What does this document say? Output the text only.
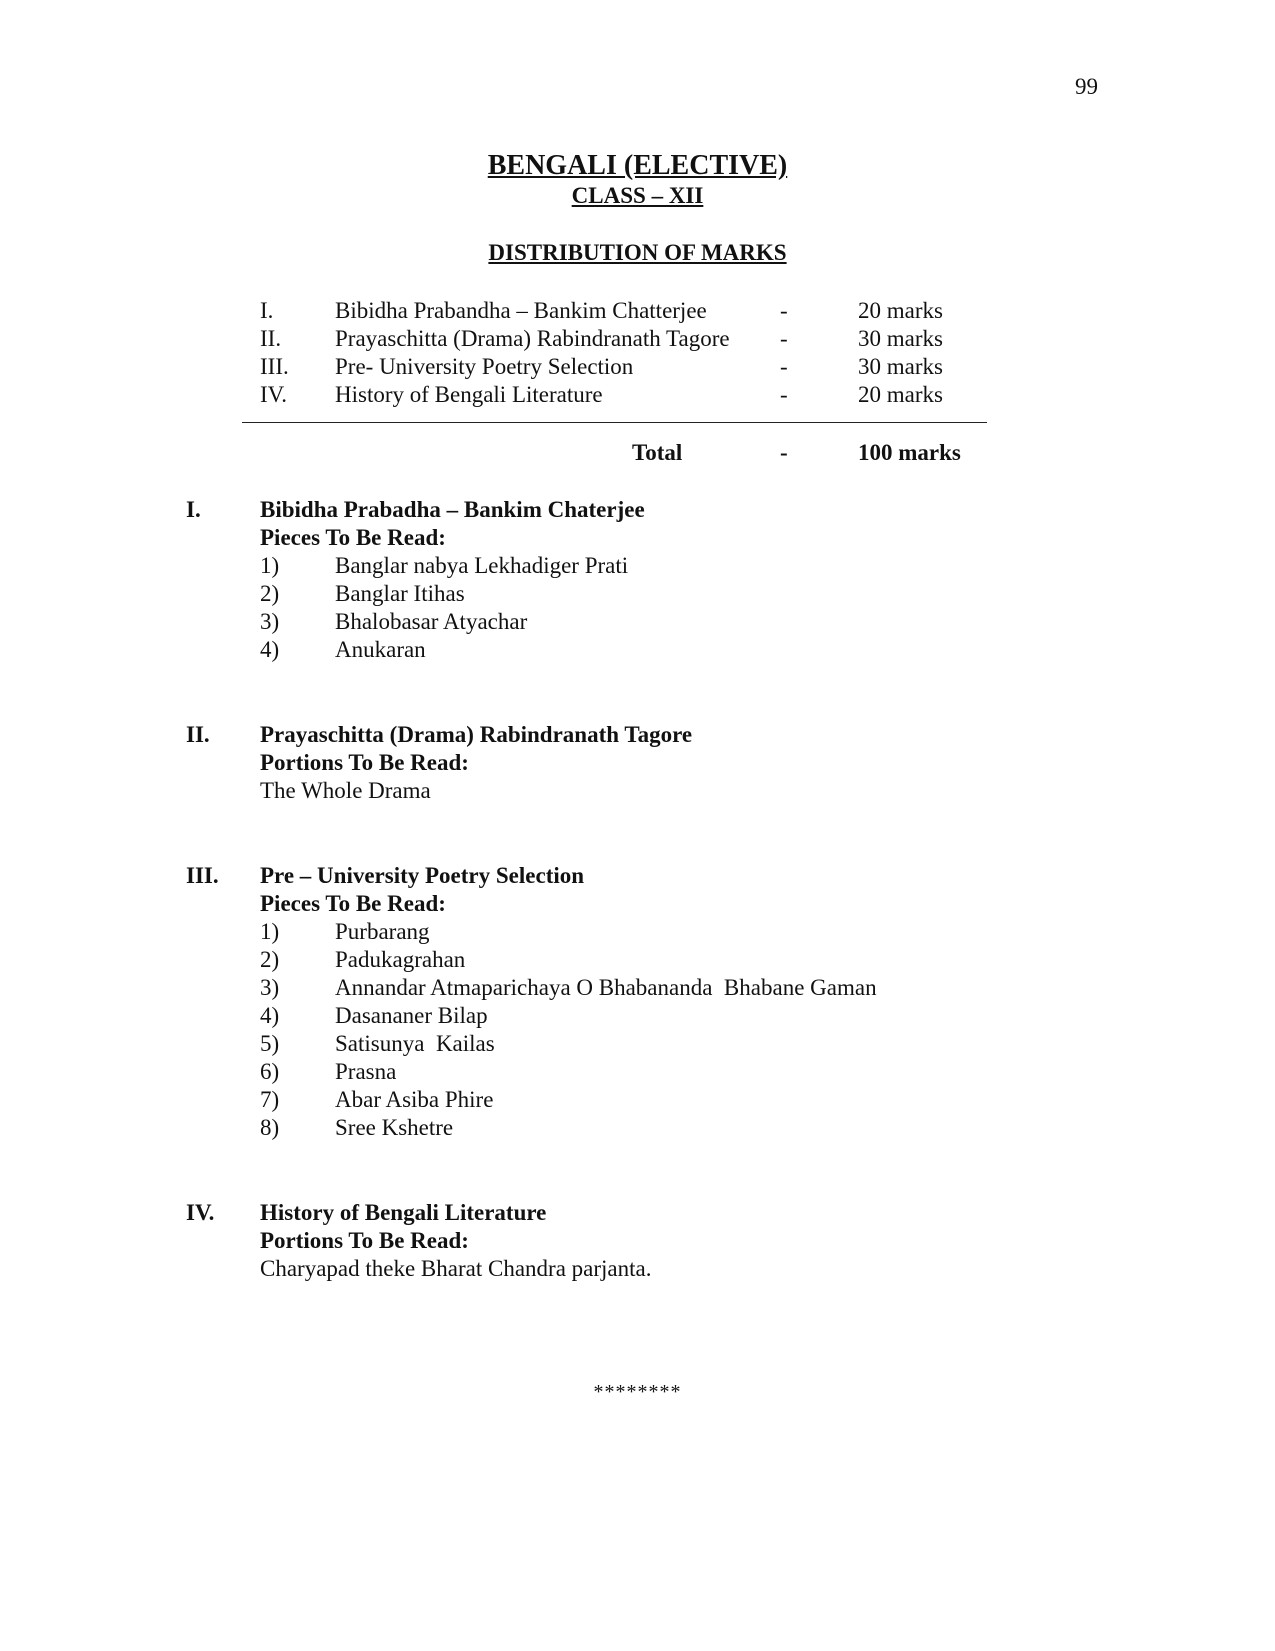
99
BENGALI (ELECTIVE)
CLASS – XII
DISTRIBUTION OF MARKS
I.	Bibidha Prabandha – Bankim Chatterjee	-	20 marks
II. Prayaschitta (Drama) Rabindranath Tagore -	30 marks
III. Pre- University Poetry Selection	-	30 marks
IV. History of Bengali Literature	-	20 marks
Total	-	100 marks
I.	Bibidha Prabadha – Bankim Chaterjee
Pieces To Be Read:
1) Banglar nabya Lekhadiger Prati
2) Banglar Itihas
3) Bhalobasar Atyachar
4) Anukaran
II. Prayaschitta (Drama) Rabindranath Tagore
Portions To Be Read:
The Whole Drama
III. Pre – University Poetry Selection
Pieces To Be Read:
1) Purbarang
2) Padukagrahan
3) Annandar Atmaparichaya O Bhabananda  Bhabane Gaman
4) Dasananer Bilap
5) Satisunya  Kailas
6) Prasna
7) Abar Asiba Phire
8) Sree Kshetre
IV. History of Bengali Literature
Portions To Be Read:
Charyapad theke Bharat Chandra parjanta.
********
